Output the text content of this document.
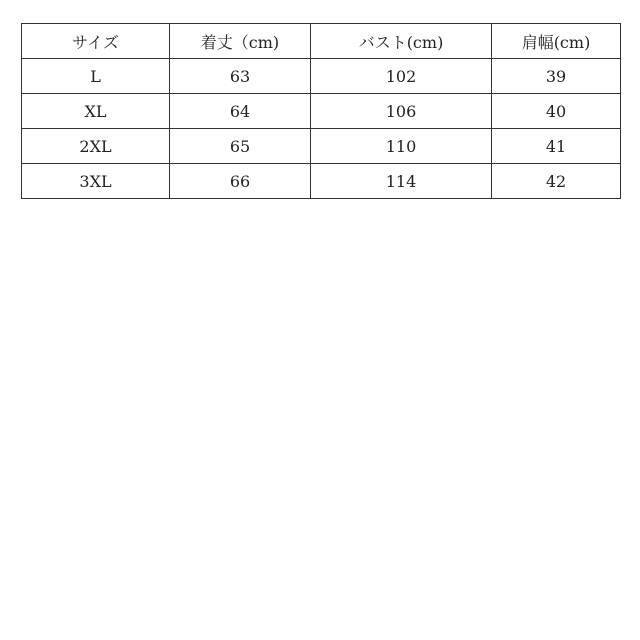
サイズ	着丈（cm)	バスト(cm)	肩幅(cm)
L	63	102	39
XL	64	106	40
2XL	65	110	41
3XL	66	114	42
